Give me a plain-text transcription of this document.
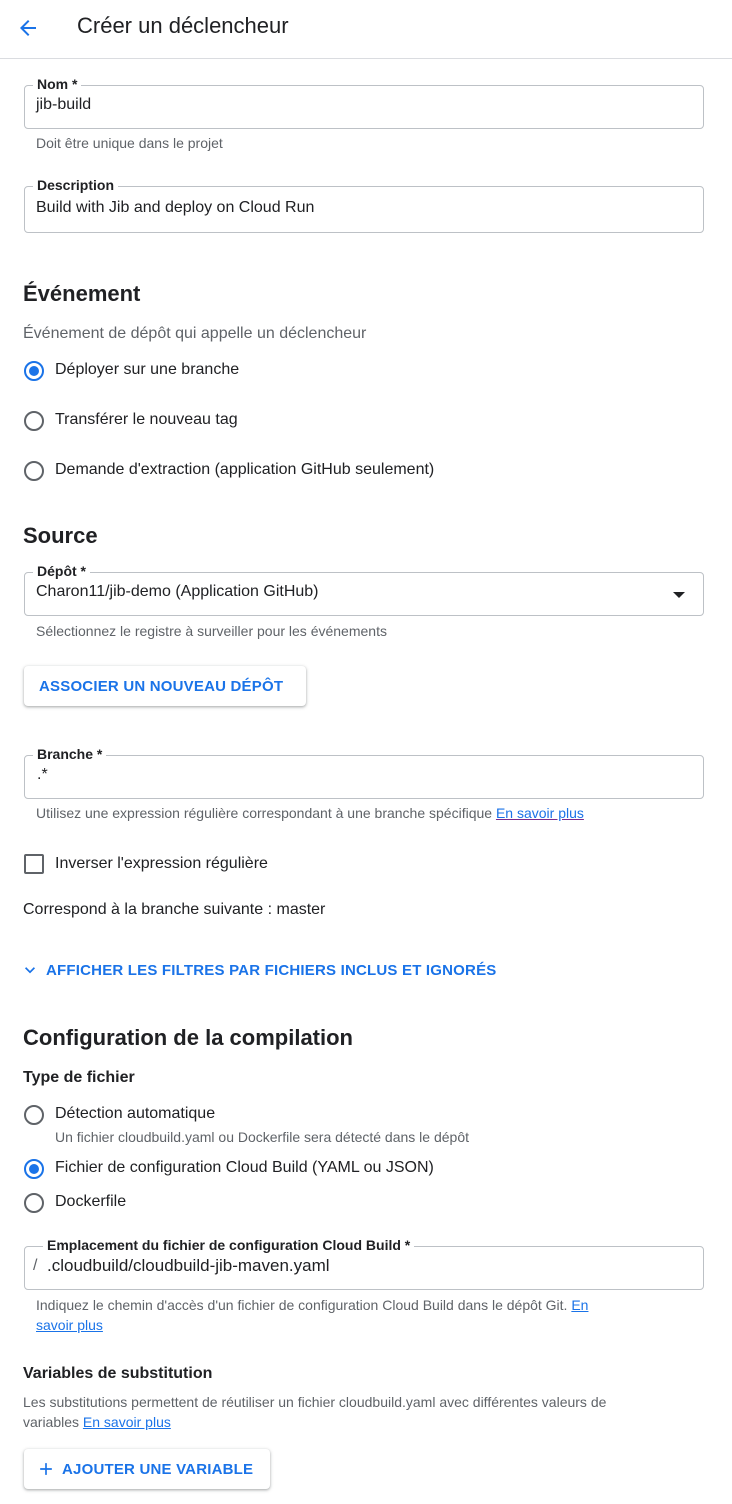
Créer un déclencheur
Nom *
jib-build
Doit être unique dans le projet
Description
Build with Jib and deploy on Cloud Run
Événement
Événement de dépôt qui appelle un déclencheur
Déployer sur une branche
Transférer le nouveau tag
Demande d'extraction (application GitHub seulement)
Source
Dépôt *
Charon11/jib-demo (Application GitHub)
Sélectionnez le registre à surveiller pour les événements
ASSOCIER UN NOUVEAU DÉPÔT
Branche *
.*
Utilisez une expression régulière correspondant à une branche spécifique En savoir plus
Inverser l'expression régulière
Correspond à la branche suivante : master
AFFICHER LES FILTRES PAR FICHIERS INCLUS ET IGNORÉS
Configuration de la compilation
Type de fichier
Détection automatique
Un fichier cloudbuild.yaml ou Dockerfile sera détecté dans le dépôt
Fichier de configuration Cloud Build (YAML ou JSON)
Dockerfile
Emplacement du fichier de configuration Cloud Build *
/ .cloudbuild/cloudbuild-jib-maven.yaml
Indiquez le chemin d'accès d'un fichier de configuration Cloud Build dans le dépôt Git. En
savoir plus
Variables de substitution
Les substitutions permettent de réutiliser un fichier cloudbuild.yaml avec différentes valeurs de
variables En savoir plus
AJOUTER UNE VARIABLE
